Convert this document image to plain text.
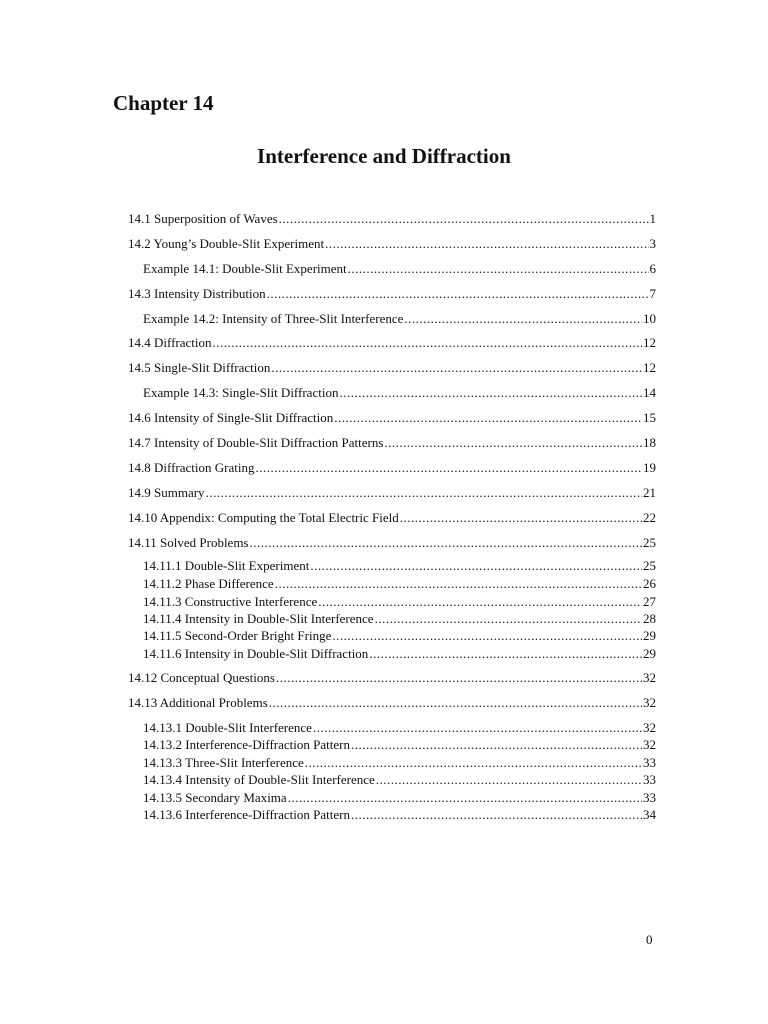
Chapter 14
Interference and Diffraction
14.1 Superposition of Waves .....	1
14.2 Young’s Double-Slit Experiment .....	3
Example 14.1: Double-Slit Experiment .....	6
14.3 Intensity Distribution .....	7
Example 14.2: Intensity of Three-Slit Interference .....	10
14.4 Diffraction .....	12
14.5 Single-Slit Diffraction .....	12
Example 14.3: Single-Slit Diffraction .....	14
14.6 Intensity of Single-Slit Diffraction .....	15
14.7 Intensity of Double-Slit Diffraction Patterns .....	18
14.8 Diffraction Grating .....	19
14.9 Summary .....	21
14.10 Appendix: Computing the Total Electric Field .....	22
14.11 Solved Problems .....	25
14.11.1 Double-Slit Experiment .....	25
14.11.2 Phase Difference .....	26
14.11.3 Constructive Interference .....	27
14.11.4 Intensity in Double-Slit Interference .....	28
14.11.5 Second-Order Bright Fringe .....	29
14.11.6 Intensity in Double-Slit Diffraction .....	29
14.12 Conceptual Questions .....	32
14.13 Additional Problems .....	32
14.13.1 Double-Slit Interference .....	32
14.13.2 Interference-Diffraction Pattern .....	32
14.13.3 Three-Slit Interference .....	33
14.13.4 Intensity of Double-Slit Interference .....	33
14.13.5 Secondary Maxima .....	33
14.13.6 Interference-Diffraction Pattern .....	34
0
